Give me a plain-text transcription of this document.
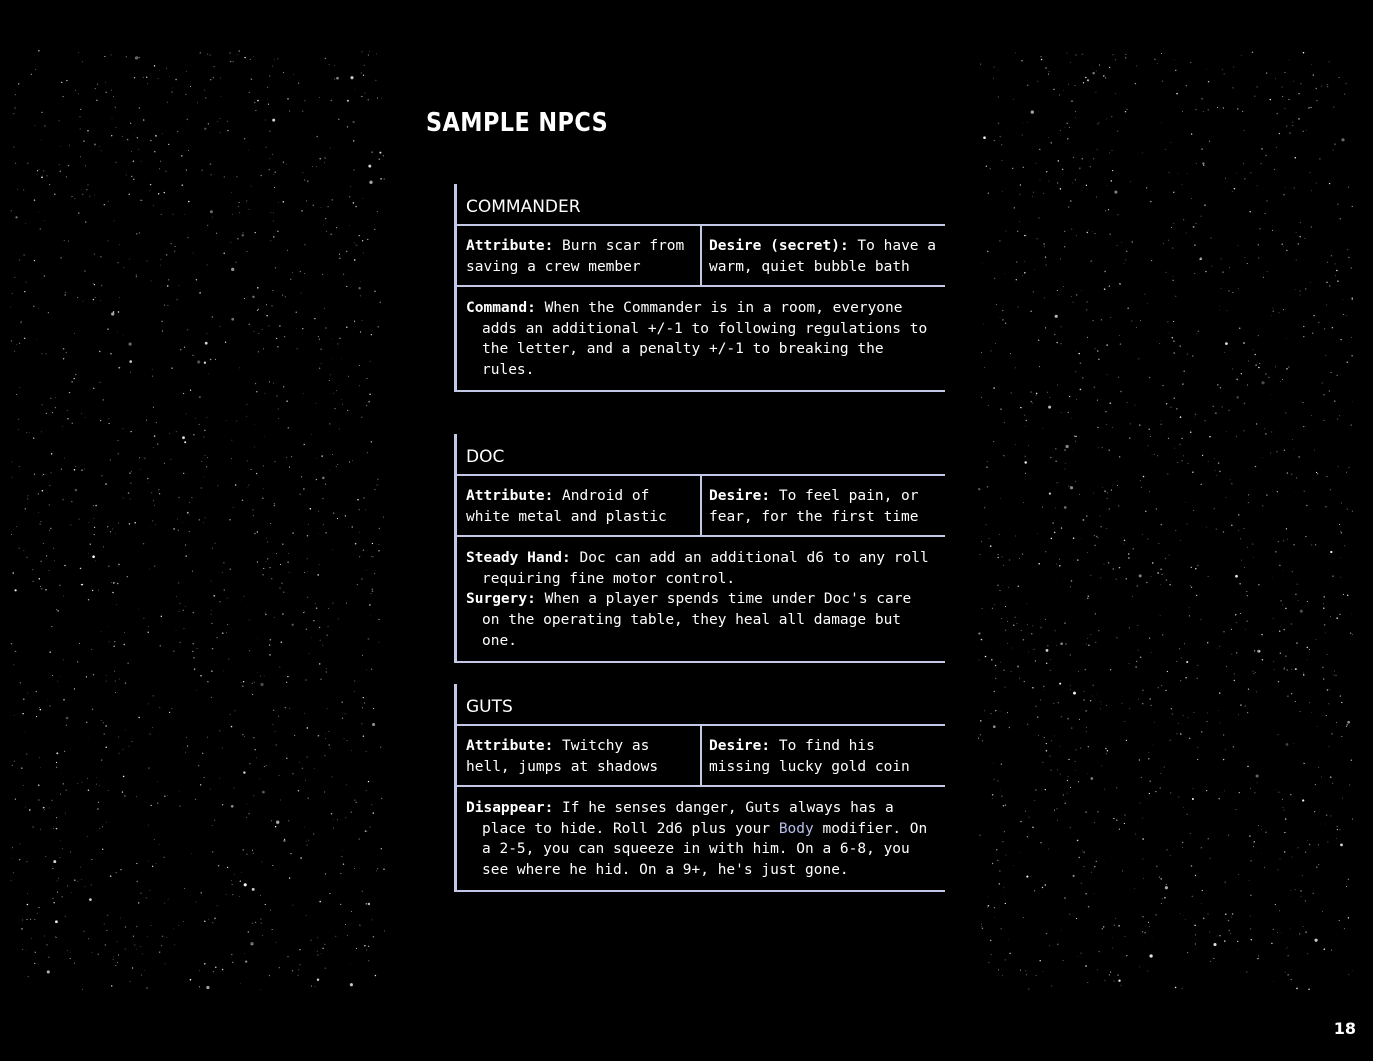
SAMPLE NPCS
COMMANDER
Attribute: Burn scar from saving a crew member
Desire (secret): To have a warm, quiet bubble bath
Command: When the Commander is in a room, everyone adds an additional +/-1 to following regulations to the letter, and a penalty +/-1 to breaking the rules.
DOC
Attribute: Android of white metal and plastic
Desire: To feel pain, or fear, for the first time
Steady Hand: Doc can add an additional d6 to any roll requiring fine motor control.
Surgery: When a player spends time under Doc's care on the operating table, they heal all damage but one.
GUTS
Attribute: Twitchy as hell, jumps at shadows
Desire: To find his missing lucky gold coin
Disappear: If he senses danger, Guts always has a place to hide. Roll 2d6 plus your Body modifier. On a 2-5, you can squeeze in with him. On a 6-8, you see where he hid. On a 9+, he's just gone.
18
